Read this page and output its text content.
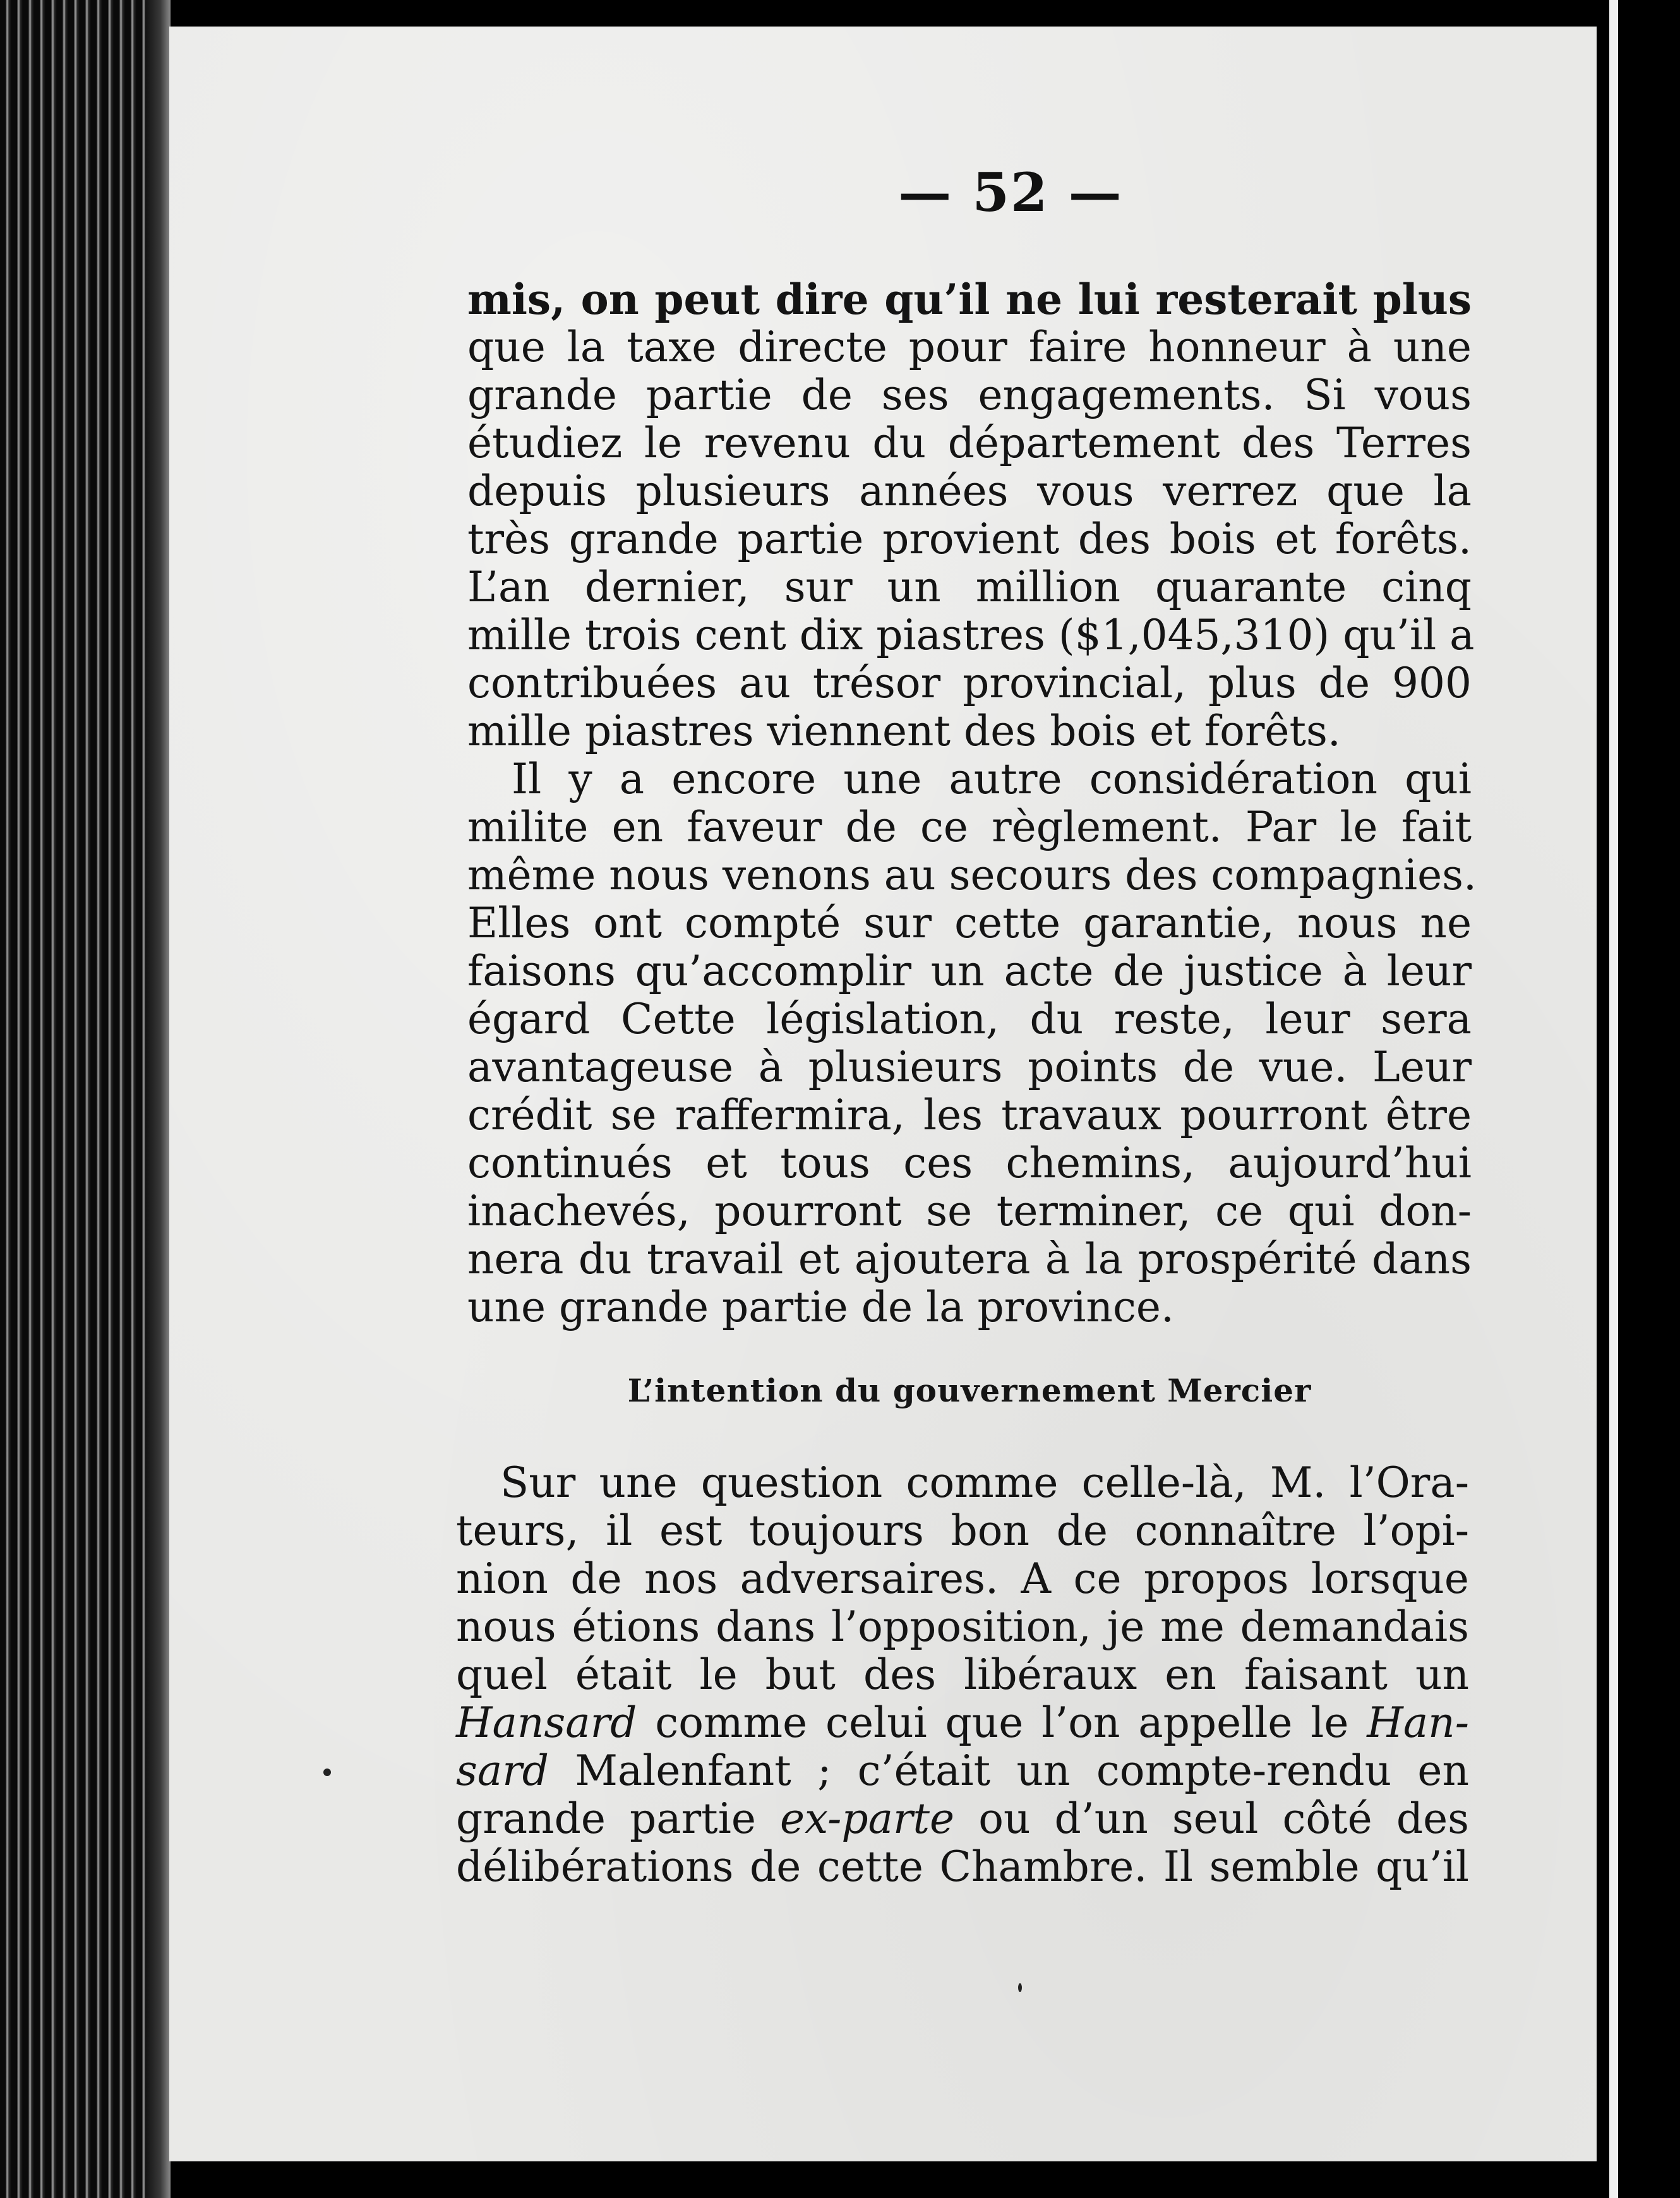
— 52 —
mis, on peut dire qu’il ne lui resterait plus
que la taxe directe pour faire honneur à une
grande partie de ses engagements. Si vous
étudiez le revenu du département des Terres
depuis plusieurs années vous verrez que la
très grande partie provient des bois et forêts.
L’an dernier, sur un million quarante cinq
mille trois cent dix piastres ($1,045,310) qu’il a
contribuées au trésor provincial, plus de 900
mille piastres viennent des bois et forêts.
Il y a encore une autre considération qui
milite en faveur de ce règlement. Par le fait
même nous venons au secours des compagnies.
Elles ont compté sur cette garantie, nous ne
faisons qu’accomplir un acte de justice à leur
égard Cette législation, du reste, leur sera
avantageuse à plusieurs points de vue. Leur
crédit se raffermira, les travaux pourront être
continués et tous ces chemins, aujourd’hui
inachevés, pourront se terminer, ce qui don-
nera du travail et ajoutera à la prospérité dans
une grande partie de la province.
L’intention du gouvernement Mercier
Sur une question comme celle-là, M. l’Ora-
teurs, il est toujours bon de connaître l’opi-
nion de nos adversaires. A ce propos lorsque
nous étions dans l’opposition, je me demandais
quel était le but des libéraux en faisant un
Hansard comme celui que l’on appelle le Han-
sard Malenfant ; c’était un compte-rendu en
grande partie ex-parte ou d’un seul côté des
délibérations de cette Chambre. Il semble qu’il
